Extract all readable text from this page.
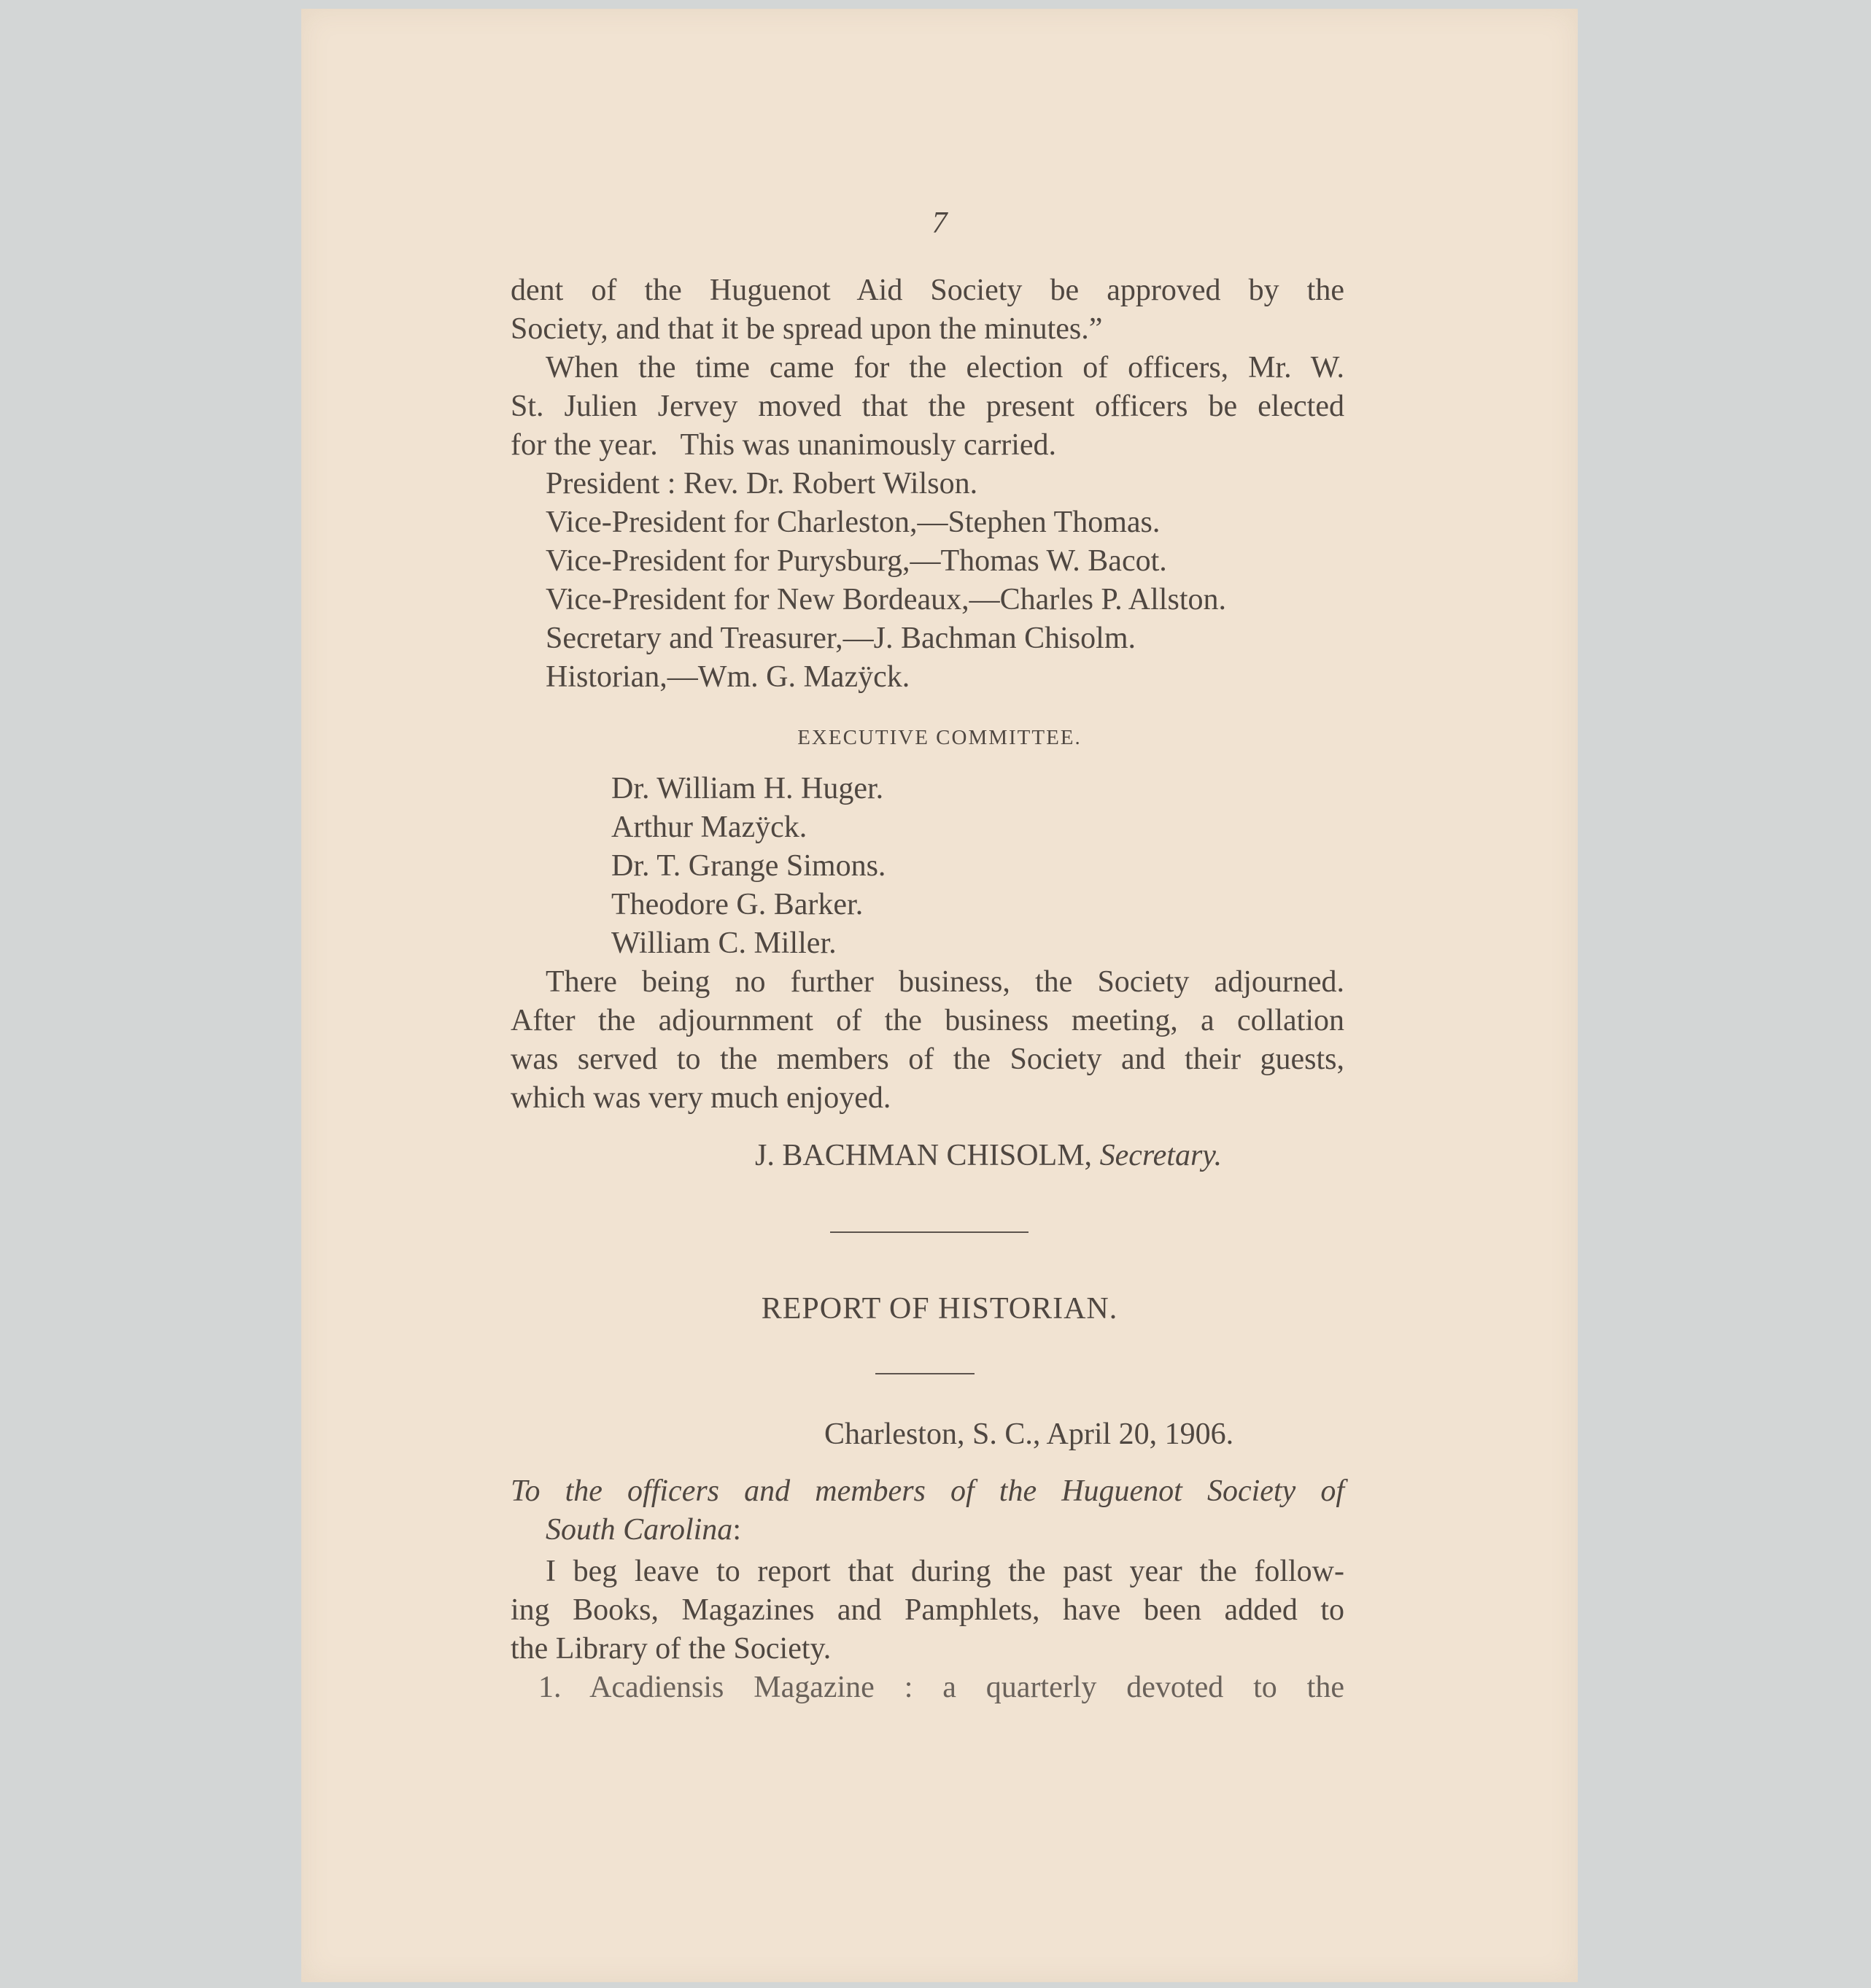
7

dent of the Huguenot Aid Society be approved by the

Society, and that it be spread upon the minutes.”

When the time came for the election of officers, Mr. W.

St. Julien Jervey moved that the present officers be elected

for the year.   This was unanimously carried.

President : Rev. Dr. Robert Wilson.

Vice-President for Charleston,—Stephen Thomas.

Vice-President for Purysburg,—Thomas W. Bacot.

Vice-President for New Bordeaux,—Charles P. Allston.

Secretary and Treasurer,—J. Bachman Chisolm.

Historian,—Wm. G. Mazÿck.

EXECUTIVE COMMITTEE.

Dr. William H. Huger.

Arthur Mazÿck.

Dr. T. Grange Simons.

Theodore G. Barker.

William C. Miller.

There being no further business, the Society adjourned.

After the adjournment of the business meeting, a collation

was served to the members of the Society and their guests,

which was very much enjoyed.

J. BACHMAN CHISOLM, Secretary.

REPORT OF HISTORIAN.

Charleston, S. C., April 20, 1906.

To the officers and members of the Huguenot Society of

South Carolina:

I beg leave to report that during the past year the follow-

ing Books, Magazines and Pamphlets, have been added to

the Library of the Society.

1. Acadiensis Magazine : a quarterly devoted to the
